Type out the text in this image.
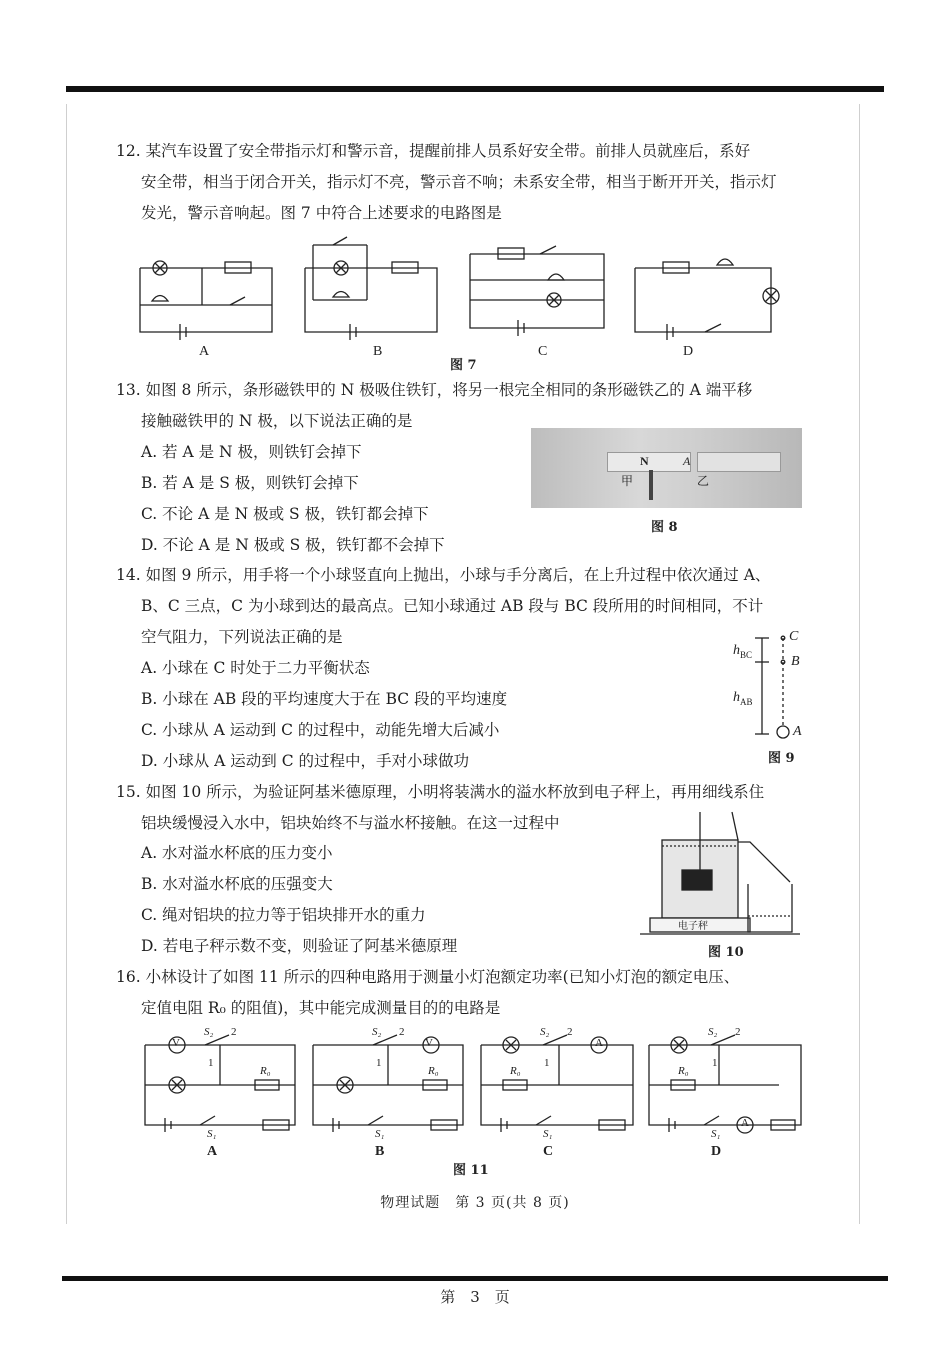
12. 某汽车设置了安全带指示灯和警示音，提醒前排人员系好安全带。前排人员就座后，系好
安全带，相当于闭合开关，指示灯不亮，警示音不响；未系安全带，相当于断开开关，指示灯
发光，警示音响起。图 7 中符合上述要求的电路图是
A	B	C	D
图 7
13. 如图 8 所示，条形磁铁甲的 N 极吸住铁钉，将另一根完全相同的条形磁铁乙的 A 端平移
接触磁铁甲的 N 极，以下说法正确的是
A. 若 A 是 N 极，则铁钉会掉下
B. 若 A 是 S 极，则铁钉会掉下
C. 不论 A 是 N 极或 S 极，铁钉都会掉下
D. 不论 A 是 N 极或 S 极，铁钉都不会掉下
N	A
甲	乙
图 8
14. 如图 9 所示，用手将一个小球竖直向上抛出，小球与手分离后，在上升过程中依次通过 A、
B、C 三点，C 为小球到达的最高点。已知小球通过 AB 段与 BC 段所用的时间相同，不计
空气阻力，下列说法正确的是
A. 小球在 C 时处于二力平衡状态
B. 小球在 AB 段的平均速度大于在 BC 段的平均速度
C. 小球从 A 运动到 C 的过程中，动能先增大后减小
D. 小球从 A 运动到 C 的过程中，手对小球做功
C
B
A
$h_{BC}$
$h_{AB}$
图 9
15. 如图 10 所示，为验证阿基米德原理，小明将装满水的溢水杯放到电子秤上，再用细线系住
铝块缓慢浸入水中，铝块始终不与溢水杯接触。在这一过程中
A. 水对溢水杯底的压力变小
B. 水对溢水杯底的压强变大
C. 绳对铝块的拉力等于铝块排开水的重力
D. 若电子秤示数不变，则验证了阿基米德原理
电子秤
图 10
16. 小林设计了如图 11 所示的四种电路用于测量小灯泡额定功率(已知小灯泡的额定电压、
定值电阻 R₀ 的阻值)，其中能完成测量目的的电路是
V	V	A
A
S₂	S₂	S₂	S₂
2	2	2	2
1	1	1	1
R₀	R₀	R₀	R₀
S₁	S₁	S₁	S₁
A	B	C	D
图 11
物理试题　第 3 页(共 8 页)
第　3　页
